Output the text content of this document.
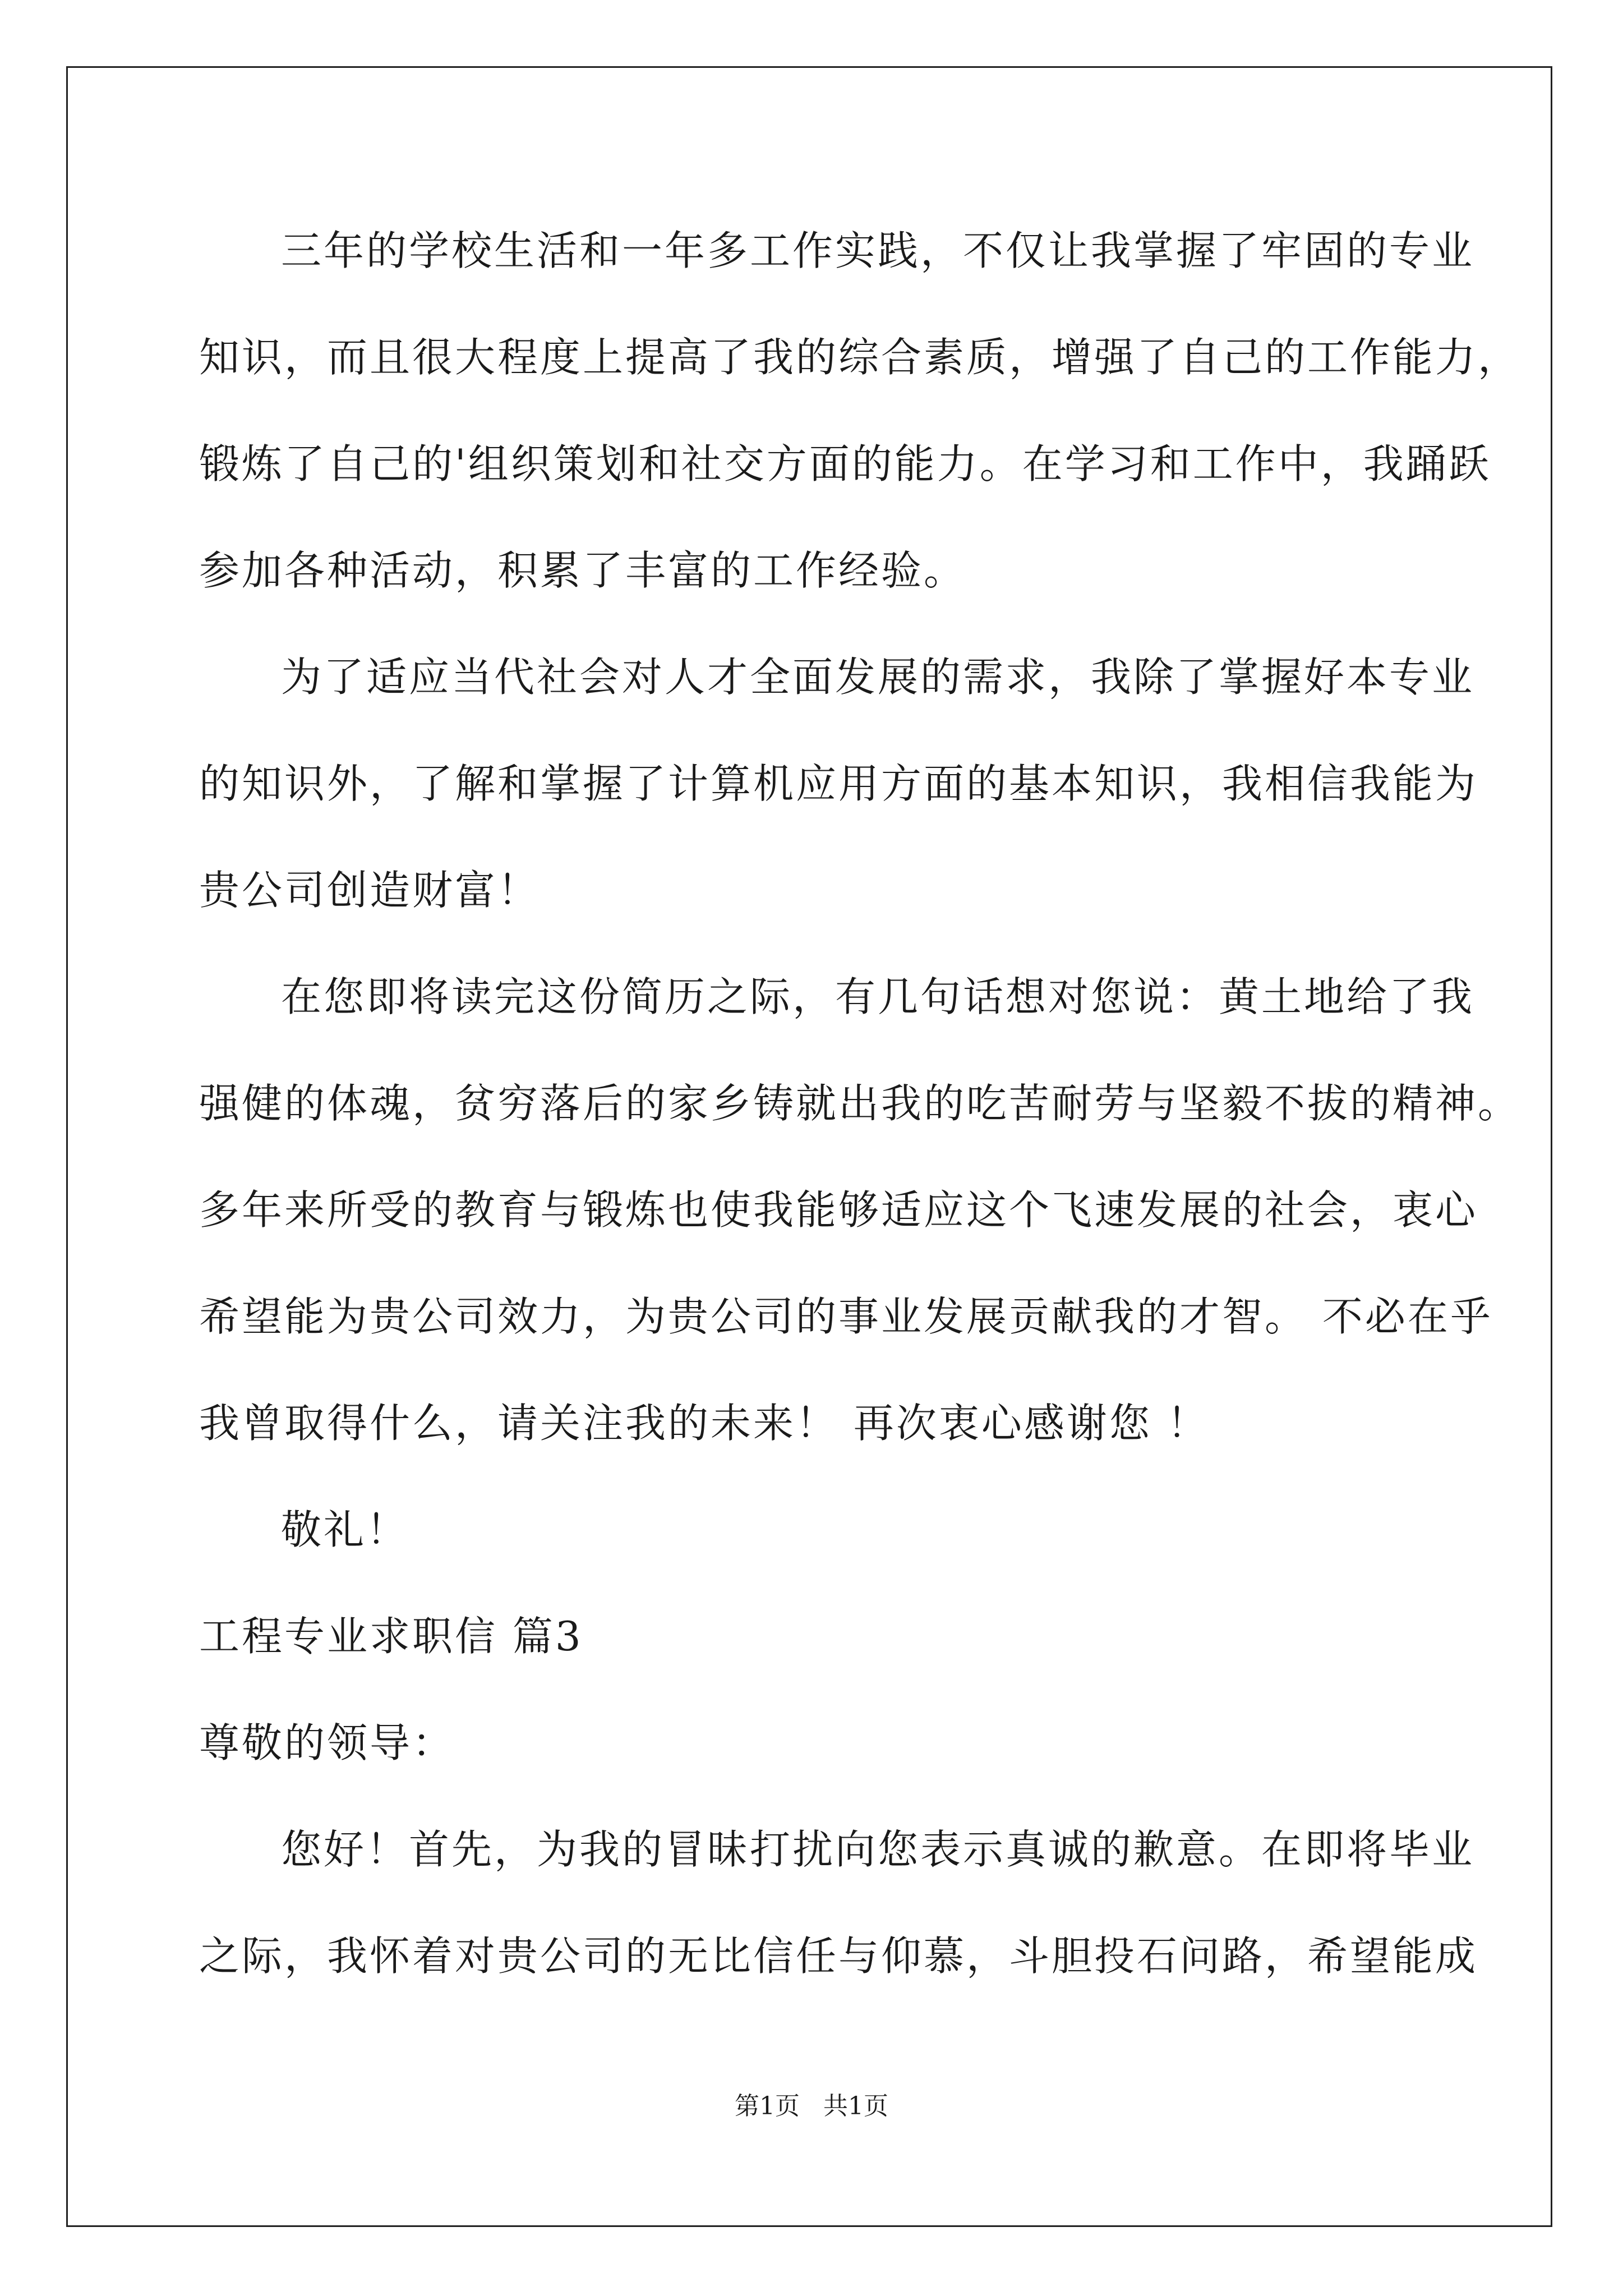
三年的学校生活和一年多工作实践，不仅让我掌握了牢固的专业
知识，而且很大程度上提高了我的综合素质，增强了自己的工作能力，
锻炼了自己的'组织策划和社交方面的能力。在学习和工作中，我踊跃
参加各种活动，积累了丰富的工作经验。
为了适应当代社会对人才全面发展的需求，我除了掌握好本专业
的知识外，了解和掌握了计算机应用方面的基本知识，我相信我能为
贵公司创造财富！
在您即将读完这份简历之际，有几句话想对您说：黄土地给了我
强健的体魂，贫穷落后的家乡铸就出我的吃苦耐劳与坚毅不拔的精神。
多年来所受的教育与锻炼也使我能够适应这个飞速发展的社会，衷心
希望能为贵公司效力，为贵公司的事业发展贡献我的才智。 不必在乎
我曾取得什么，请关注我的未来！ 再次衷心感谢您 ！
敬礼！
工程专业求职信 篇3
尊敬的领导：
您好！首先，为我的冒昧打扰向您表示真诚的歉意。在即将毕业
之际，我怀着对贵公司的无比信任与仰慕，斗胆投石问路，希望能成
第1页   共1页
